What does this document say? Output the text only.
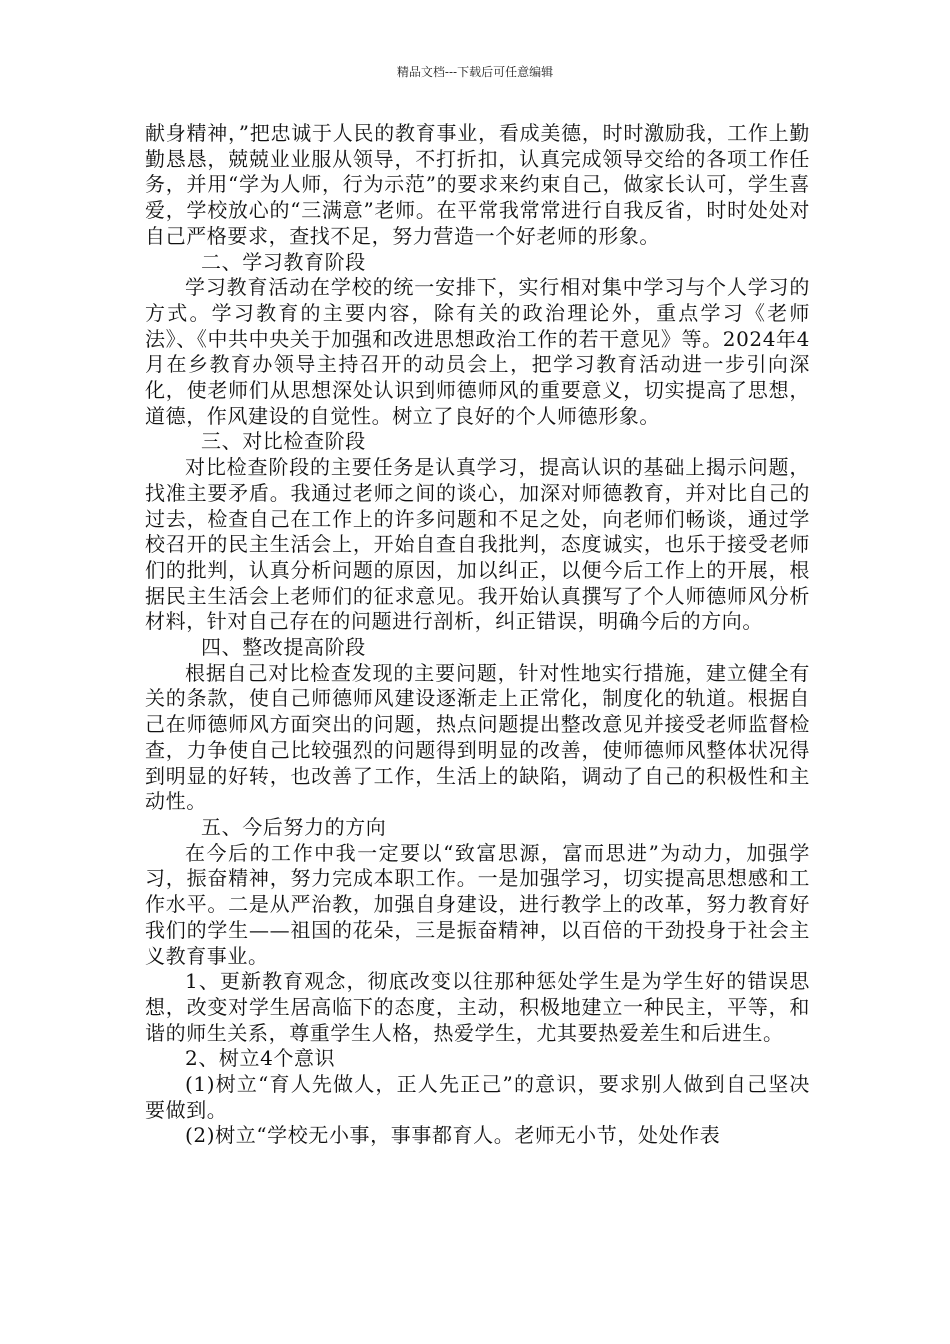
精品文档---下载后可任意编辑

献身精神，”把忠诚于人民的教育事业，看成美德，时时激励我，工作上勤勤恳恳，兢兢业业服从领导，不打折扣，认真完成领导交给的各项工作任务，并用“学为人师，行为示范”的要求来约束自己，做家长认可，学生喜爱，学校放心的“三满意”老师。在平常我常常进行自我反省，时时处处对自己严格要求，查找不足，努力营造一个好老师的形象。

二、学习教育阶段

学习教育活动在学校的统一安排下，实行相对集中学习与个人学习的方式。学习教育的主要内容，除有关的政治理论外，重点学习《老师法》、《中共中央关于加强和改进思想政治工作的若干意见》等。2024年4月在乡教育办领导主持召开的动员会上，把学习教育活动进一步引向深化，使老师们从思想深处认识到师德师风的重要意义，切实提高了思想，道德，作风建设的自觉性。树立了良好的个人师德形象。

三、对比检查阶段

对比检查阶段的主要任务是认真学习，提高认识的基础上揭示问题，找准主要矛盾。我通过老师之间的谈心，加深对师德教育，并对比自己的过去，检查自己在工作上的许多问题和不足之处，向老师们畅谈，通过学校召开的民主生活会上，开始自查自我批判，态度诚实，也乐于接受老师们的批判，认真分析问题的原因，加以纠正，以便今后工作上的开展，根据民主生活会上老师们的征求意见。我开始认真撰写了个人师德师风分析材料，针对自己存在的问题进行剖析，纠正错误，明确今后的方向。

四、整改提高阶段

根据自己对比检查发现的主要问题，针对性地实行措施，建立健全有关的条款，使自己师德师风建设逐渐走上正常化，制度化的轨道。根据自己在师德师风方面突出的问题，热点问题提出整改意见并接受老师监督检查，力争使自己比较强烈的问题得到明显的改善，使师德师风整体状况得到明显的好转，也改善了工作，生活上的缺陷，调动了自己的积极性和主动性。

五、今后努力的方向

在今后的工作中我一定要以“致富思源，富而思进”为动力，加强学习，振奋精神，努力完成本职工作。一是加强学习，切实提高思想感和工作水平。二是从严治教，加强自身建设，进行教学上的改革，努力教育好我们的学生——祖国的花朵，三是振奋精神，以百倍的干劲投身于社会主义教育事业。

1、更新教育观念，彻底改变以往那种惩处学生是为学生好的错误思想，改变对学生居高临下的态度，主动，积极地建立一种民主，平等，和谐的师生关系，尊重学生人格，热爱学生，尤其要热爱差生和后进生。

2、树立4个意识

(1)树立“育人先做人，正人先正己”的意识，要求别人做到自己坚决要做到。

(2)树立“学校无小事，事事都育人。老师无小节，处处作表
